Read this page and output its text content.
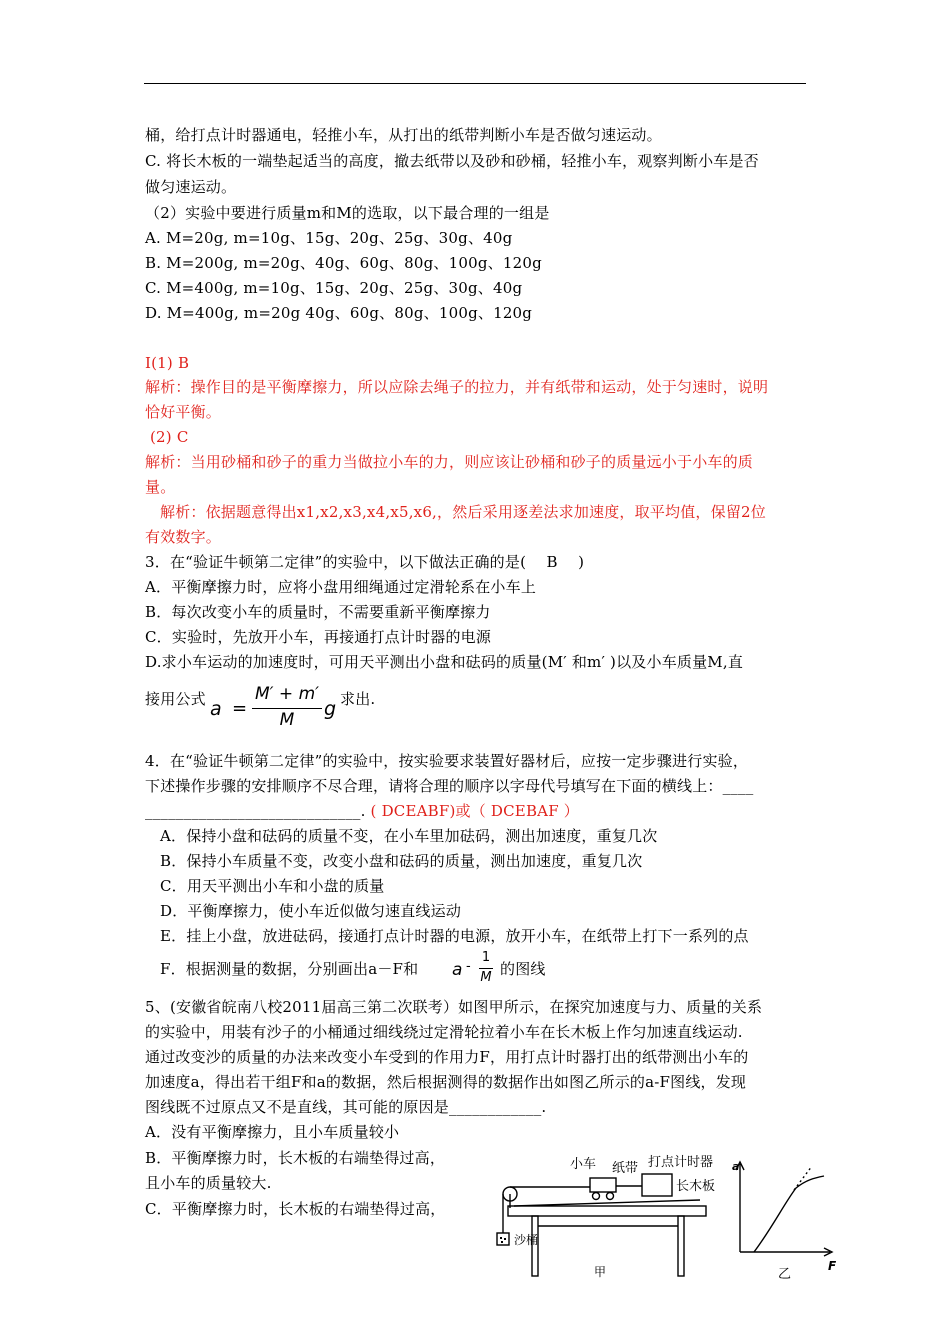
桶，给打点计时器通电，轻推小车，从打出的纸带判断小车是否做匀速运动。
C. 将长木板的一端垫起适当的高度，撤去纸带以及砂和砂桶，轻推小车，观察判断小车是否
做匀速运动。
（2）实验中要进行质量m和M的选取，以下最合理的一组是
A. M=20g, m=10g、15g、20g、25g、30g、40g
B. M=200g, m=20g、40g、60g、80g、100g、120g
C. M=400g, m=10g、15g、20g、25g、30g、40g
D. M=400g, m=20g 40g、60g、80g、100g、120g
Ⅰ(1) B
解析：操作目的是平衡摩擦力，所以应除去绳子的拉力，并有纸带和运动，处于匀速时，说明
恰好平衡。
(2) C
解析：当用砂桶和砂子的重力当做拉小车的力，则应该让砂桶和砂子的质量远小于小车的质
量。
解析：依据题意得出x1,x2,x3,x4,x5,x6,，然后采用逐差法求加速度，取平均值，保留2位
有效数字。
3．在“验证牛顿第二定律”的实验中，以下做法正确的是( B )
A．平衡摩擦力时，应将小盘用细绳通过定滑轮系在小车上
B．每次改变小车的质量时，不需要重新平衡摩擦力
C．实验时，先放开小车，再接通打点计时器的电源
D.求小车运动的加速度时，可用天平测出小盘和砝码的质量(M′ 和m′ )以及小车质量M,直
接用公式 a =
M′ + m′
M	g 求出.
4．在“验证牛顿第二定律”的实验中，按实验要求装置好器材后，应按一定步骤进行实验，
下述操作步骤的安排顺序不尽合理，请将合理的顺序以字母代号填写在下面的横线上：____
____________________________. ( DCEABF)或（ DCEBAF ）
A．保持小盘和砝码的质量不变，在小车里加砝码，测出加速度，重复几次
B．保持小车质量不变，改变小盘和砝码的质量，测出加速度，重复几次
C．用天平测出小车和小盘的质量
D．平衡摩擦力，使小车近似做匀速直线运动
E．挂上小盘，放进砝码，接通打点计时器的电源，放开小车，在纸带上打下一系列的点
F．根据测量的数据，分别画出a－F和 a -
1
M 的图线
5、(安徽省皖南八校2011届高三第二次联考）如图甲所示，在探究加速度与力、质量的关系
的实验中，用装有沙子的小桶通过细线绕过定滑轮拉着小车在长木板上作匀加速直线运动.
通过改变沙的质量的办法来改变小车受到的作用力F，用打点计时器打出的纸带测出小车的
加速度a，得出若干组F和a的数据，然后根据测得的数据作出如图乙所示的a-F图线，发现
图线既不过原点又不是直线，其可能的原因是____________.
A．没有平衡摩擦力，且小车质量较小
B．平衡摩擦力时，长木板的右端垫得过高，
且小车的质量较大.
C．平衡摩擦力时，长木板的右端垫得过高，
小车 纸带 打点计时器
长木板
沙桶
甲
a
F
乙
